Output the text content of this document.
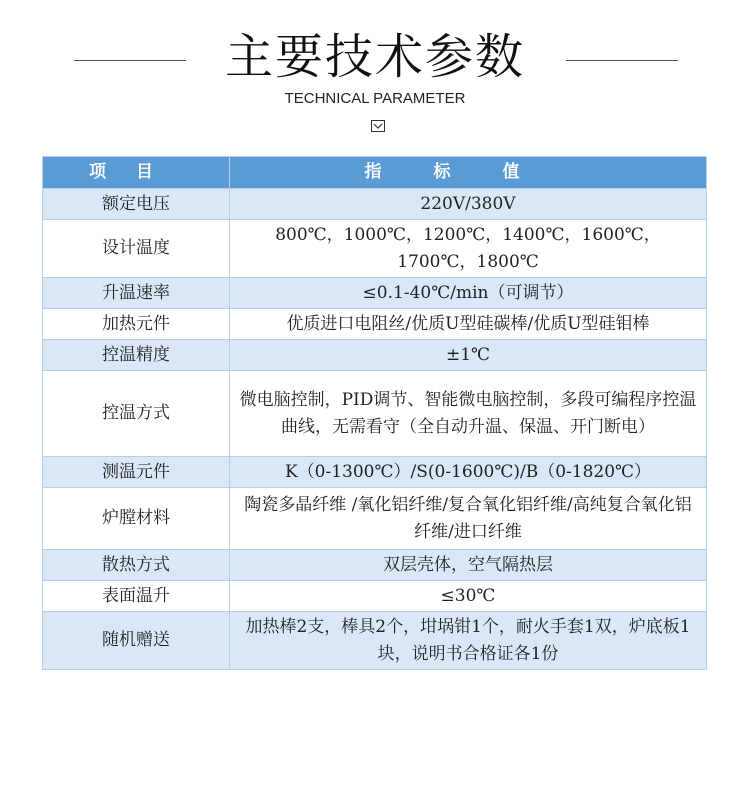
主要技术参数
TECHNICAL PARAMETER
项目	指标值
额定电压	220V/380V
设计温度	800℃，1000℃，1200℃，1400℃，1600℃，1700℃，1800℃
升温速率	≤0.1-40℃/min（可调节）
加热元件	优质进口电阻丝/优质U型硅碳棒/优质U型硅钼棒
控温精度	±1℃
控温方式	微电脑控制，PID调节、智能微电脑控制，多段可编程序控温曲线，无需看守（全自动升温、保温、开门断电）
测温元件	K（0-1300℃）/S(0-1600℃)/B（0-1820℃）
炉膛材料	陶瓷多晶纤维 /氧化铝纤维/复合氧化铝纤维/高纯复合氧化铝纤维/进口纤维
散热方式	双层壳体，空气隔热层
表面温升	≤30℃
随机赠送	加热棒2支，棒具2个，坩埚钳1个，耐火手套1双，炉底板1块，说明书合格证各1份
